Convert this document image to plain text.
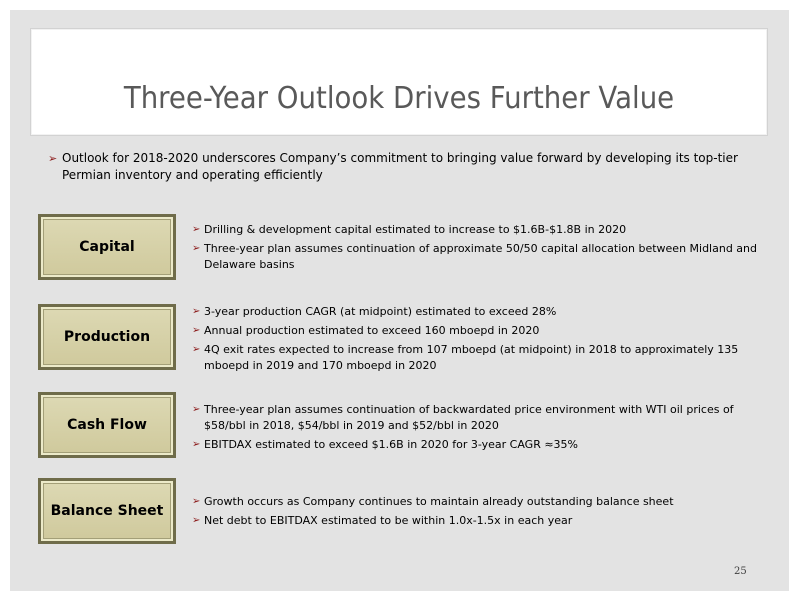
Three-Year Outlook Drives Further Value
➢ Outlook for 2018-2020 underscores Company’s commitment to bringing value forward by developing its top-tier Permian inventory and operating efficiently
Capital
➢ Drilling & development capital estimated to increase to $1.6B-$1.8B in 2020
➢ Three-year plan assumes continuation of approximate 50/50 capital allocation between Midland and Delaware basins
Production
➢ 3-year production CAGR (at midpoint) estimated to exceed 28%
➢ Annual production estimated to exceed 160 mboepd in 2020
➢ 4Q exit rates expected to increase from 107 mboepd (at midpoint) in 2018 to approximately 135 mboepd in 2019 and 170 mboepd in 2020
Cash Flow
➢ Three-year plan assumes continuation of backwardated price environment with WTI oil prices of $58/bbl in 2018, $54/bbl in 2019 and $52/bbl in 2020
➢ EBITDAX estimated to exceed $1.6B in 2020 for 3-year CAGR ≈35%
Balance Sheet
➢ Growth occurs as Company continues to maintain already outstanding balance sheet
➢ Net debt to EBITDAX estimated to be within 1.0x-1.5x in each year
25
